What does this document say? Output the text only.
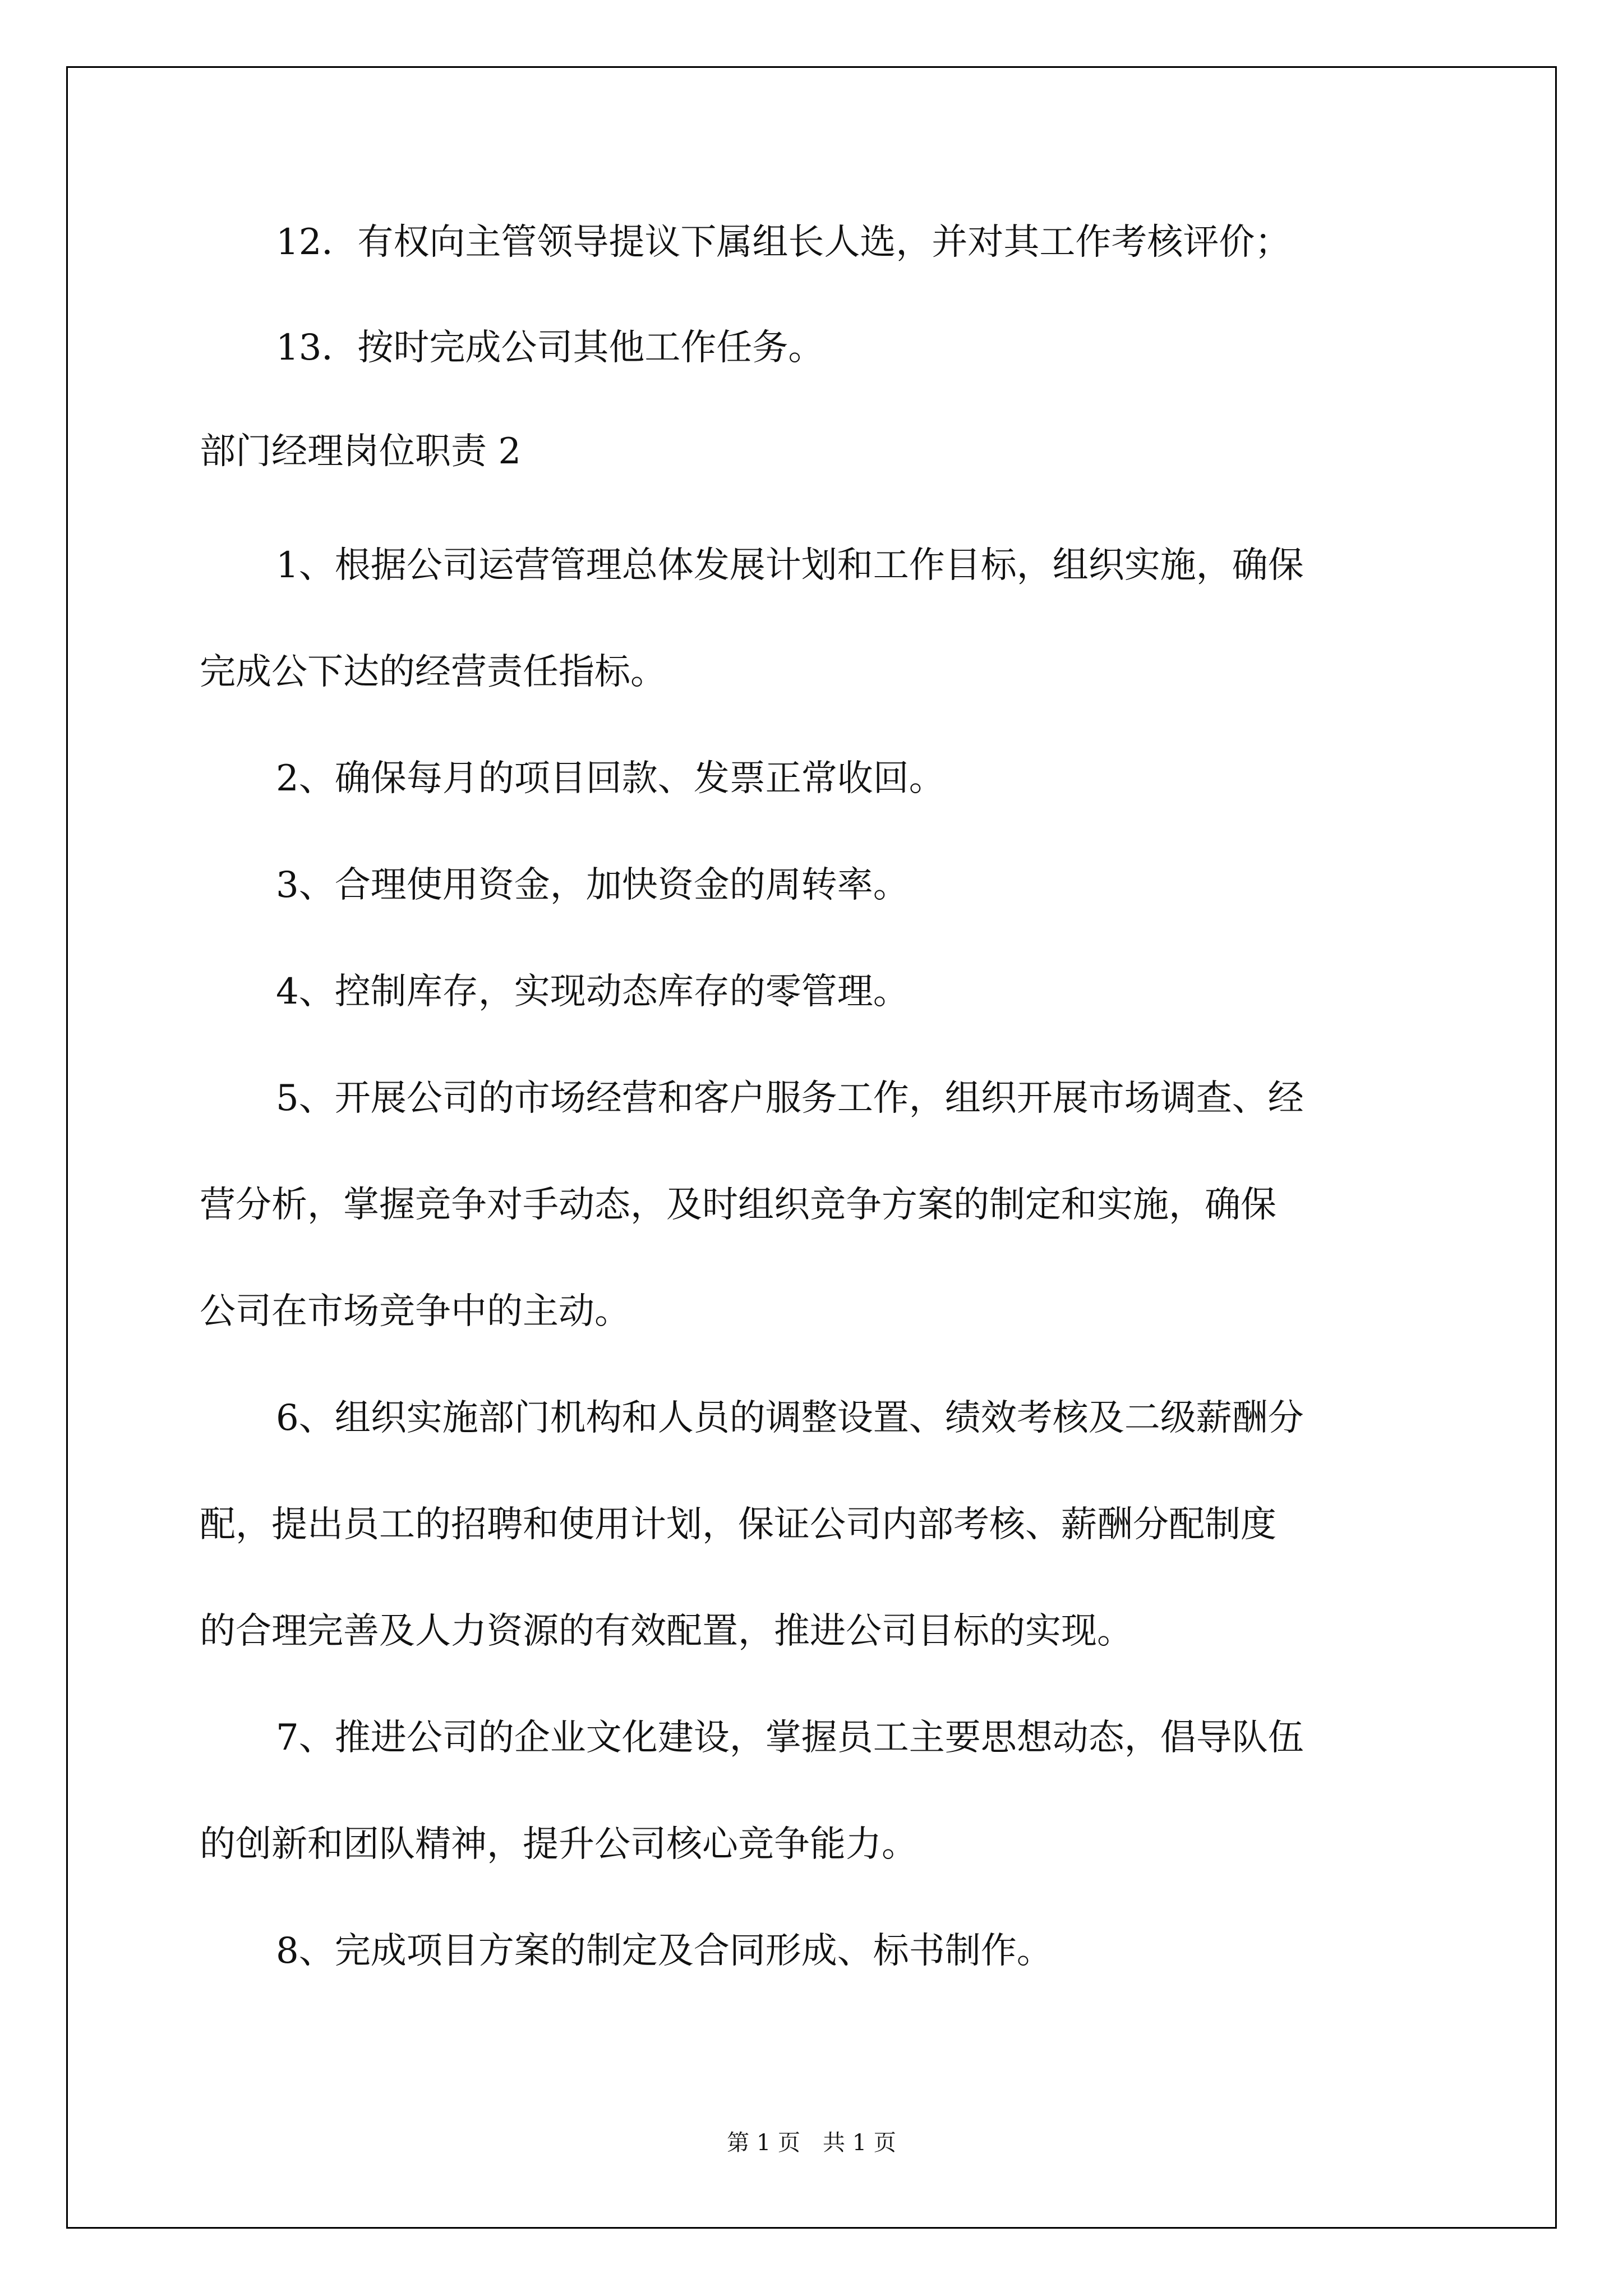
12．有权向主管领导提议下属组长人选，并对其工作考核评价；
13．按时完成公司其他工作任务。
部门经理岗位职责 2
1、根据公司运营管理总体发展计划和工作目标，组织实施，确保
完成公下达的经营责任指标。
2、确保每月的项目回款、发票正常收回。
3、合理使用资金，加快资金的周转率。
4、控制库存，实现动态库存的零管理。
5、开展公司的市场经营和客户服务工作，组织开展市场调查、经
营分析，掌握竞争对手动态，及时组织竞争方案的制定和实施，确保
公司在市场竞争中的主动。
6、组织实施部门机构和人员的调整设置、绩效考核及二级薪酬分
配，提出员工的招聘和使用计划，保证公司内部考核、薪酬分配制度
的合理完善及人力资源的有效配置，推进公司目标的实现。
7、推进公司的企业文化建设，掌握员工主要思想动态，倡导队伍
的创新和团队精神，提升公司核心竞争能力。
8、完成项目方案的制定及合同形成、标书制作。
第 1 页　共 1 页
